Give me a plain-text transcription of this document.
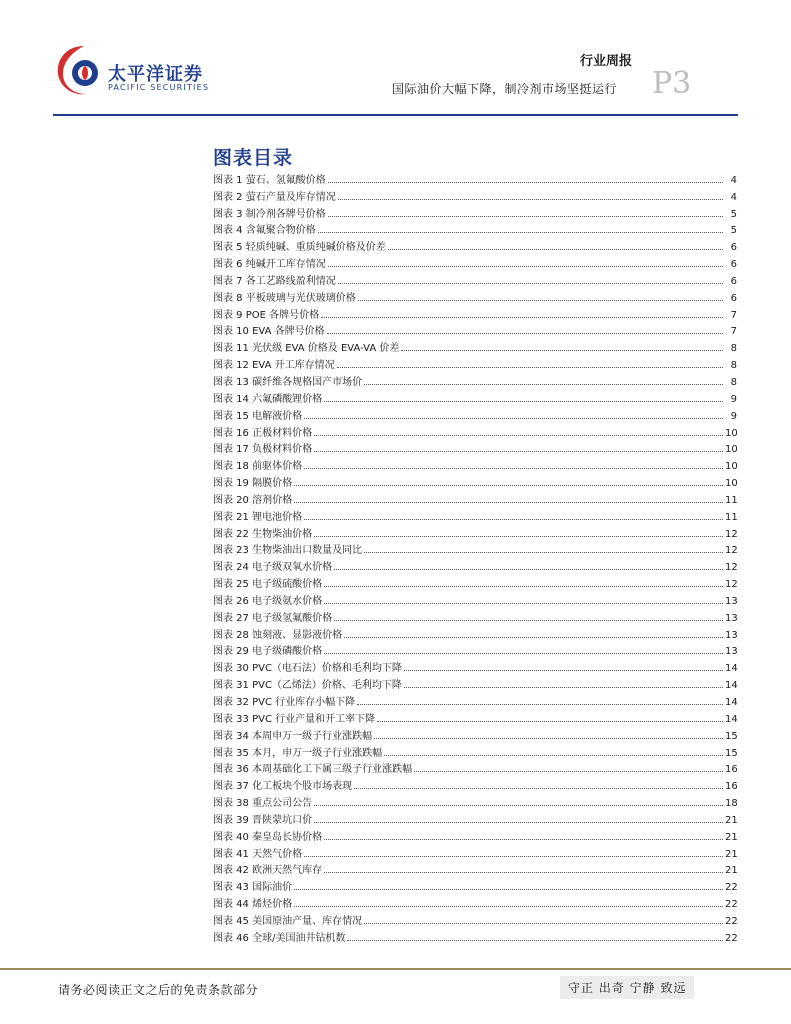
太平洋证券
PACIFIC SECURITIES
行业周报
国际油价大幅下降，制冷剂市场坚挺运行 P3
图表目录
图表 1 萤石、氢氟酸价格	4
图表 2 萤石产量及库存情况	4
图表 3 制冷剂各牌号价格	5
图表 4 含氟聚合物价格	5
图表 5 轻质纯碱、重质纯碱价格及价差	6
图表 6 纯碱开工库存情况	6
图表 7 各工艺路线盈利情况	6
图表 8 平板玻璃与光伏玻璃价格	6
图表 9 POE 各牌号价格	7
图表 10 EVA 各牌号价格	7
图表 11 光伏级 EVA 价格及 EVA-VA 价差	8
图表 12 EVA 开工库存情况	8
图表 13 碳纤维各规格国产市场价	8
图表 14 六氟磷酸锂价格	9
图表 15 电解液价格	9
图表 16 正极材料价格	10
图表 17 负极材料价格	10
图表 18 前驱体价格	10
图表 19 隔膜价格	10
图表 20 溶剂价格	11
图表 21 锂电池价格	11
图表 22 生物柴油价格	12
图表 23 生物柴油出口数量及同比	12
图表 24 电子级双氧水价格	12
图表 25 电子级硫酸价格	12
图表 26 电子级氨水价格	13
图表 27 电子级氢氟酸价格	13
图表 28 蚀刻液、显影液价格	13
图表 29 电子级磷酸价格	13
图表 30 PVC（电石法）价格和毛利均下降	14
图表 31 PVC（乙烯法）价格、毛利均下降	14
图表 32 PVC 行业库存小幅下降	14
图表 33 PVC 行业产量和开工率下降	14
图表 34 本周申万一级子行业涨跌幅	15
图表 35 本月，申万一级子行业涨跌幅	15
图表 36 本周基础化工下属三级子行业涨跌幅	16
图表 37 化工板块个股市场表现	16
图表 38 重点公司公告	18
图表 39 晋陕蒙坑口价	21
图表 40 秦皇岛长协价格	21
图表 41 天然气价格	21
图表 42 欧洲天然气库存	21
图表 43 国际油价	22
图表 44 烯烃价格	22
图表 45 美国原油产量、库存情况	22
图表 46 全球/美国油井钻机数	22
请务必阅读正文之后的免责条款部分	守正 出奇 宁静 致远
